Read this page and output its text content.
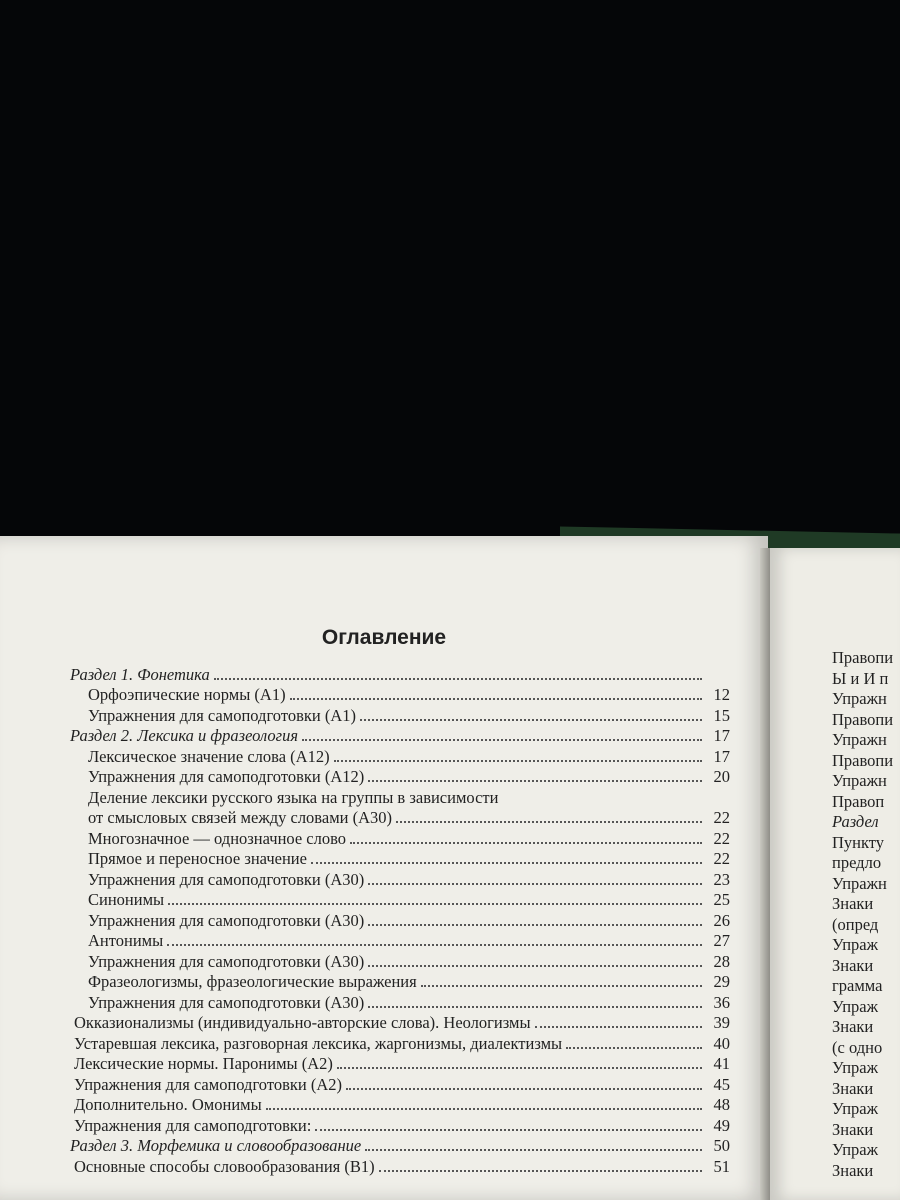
Оглавление
Раздел 1. Фонетика
Орфоэпические нормы (А1)	12
Упражнения для самоподготовки (А1)	15
Раздел 2. Лексика и фразеология	17
Лексическое значение слова (А12)	17
Упражнения для самоподготовки (А12)	20
Деление лексики русского языка на группы в зависимости
от смысловых связей между словами (А30)	22
Многозначное — однозначное слово	22
Прямое и переносное значение	22
Упражнения для самоподготовки (А30)	23
Синонимы	25
Упражнения для самоподготовки (А30)	26
Антонимы	27
Упражнения для самоподготовки (А30)	28
Фразеологизмы, фразеологические выражения	29
Упражнения для самоподготовки (А30)	36
Окказионализмы (индивидуально-авторские слова). Неологизмы	39
Устаревшая лексика, разговорная лексика, жаргонизмы, диалектизмы	40
Лексические нормы. Паронимы (А2)	41
Упражнения для самоподготовки (А2)	45
Дополнительно. Омонимы	48
Упражнения для самоподготовки:	49
Раздел 3. Морфемика и словообразование	50
Основные способы словообразования (В1)	51
Правопи
Ы и И п
Упражн
Правопи
Упражн
Правопи
Упражн
Правоп
Раздел
Пункту
предло
Упражн
Знаки
(опред
Упраж
Знаки
грамма
Упраж
Знаки
(с одно
Упраж
Знаки
Упраж
Знаки
Упраж
Знаки
